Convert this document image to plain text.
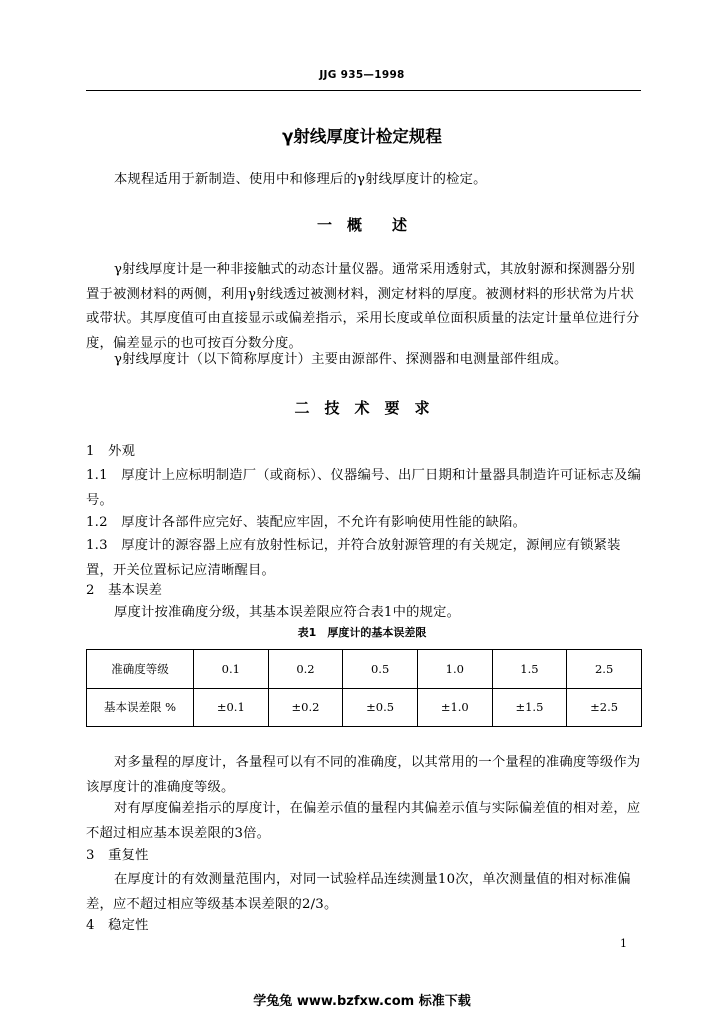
JJG 935—1998
γ射线厚度计检定规程
本规程适用于新制造、使用中和修理后的γ射线厚度计的检定。
一　概　　述
γ射线厚度计是一种非接触式的动态计量仪器。通常采用透射式，其放射源和探测器分别置于被测材料的两侧，利用γ射线透过被测材料，测定材料的厚度。被测材料的形状常为片状或带状。其厚度值可由直接显示或偏差指示，采用长度或单位面积质量的法定计量单位进行分度，偏差显示的也可按百分数分度。
γ射线厚度计（以下简称厚度计）主要由源部件、探测器和电测量部件组成。
二　技　术　要　求
1　外观
1.1　厚度计上应标明制造厂（或商标）、仪器编号、出厂日期和计量器具制造许可证标志及编号。
1.2　厚度计各部件应完好、装配应牢固，不允许有影响使用性能的缺陷。
1.3　厚度计的源容器上应有放射性标记，并符合放射源管理的有关规定，源闸应有锁紧装置，开关位置标记应清晰醒目。
2　基本误差
厚度计按准确度分级，其基本误差限应符合表1中的规定。
表1　厚度计的基本误差限
准确度等级	0.1	0.2	0.5	1.0	1.5	2.5
基本误差限 %	±0.1	±0.2	±0.5	±1.0	±1.5	±2.5
对多量程的厚度计，各量程可以有不同的准确度，以其常用的一个量程的准确度等级作为该厚度计的准确度等级。
对有厚度偏差指示的厚度计，在偏差示值的量程内其偏差示值与实际偏差值的相对差，应不超过相应基本误差限的3倍。
3　重复性
在厚度计的有效测量范围内，对同一试验样品连续测量10次，单次测量值的相对标准偏差，应不超过相应等级基本误差限的2/3。
4　稳定性
1
学兔兔 www.bzfxw.com 标准下载
